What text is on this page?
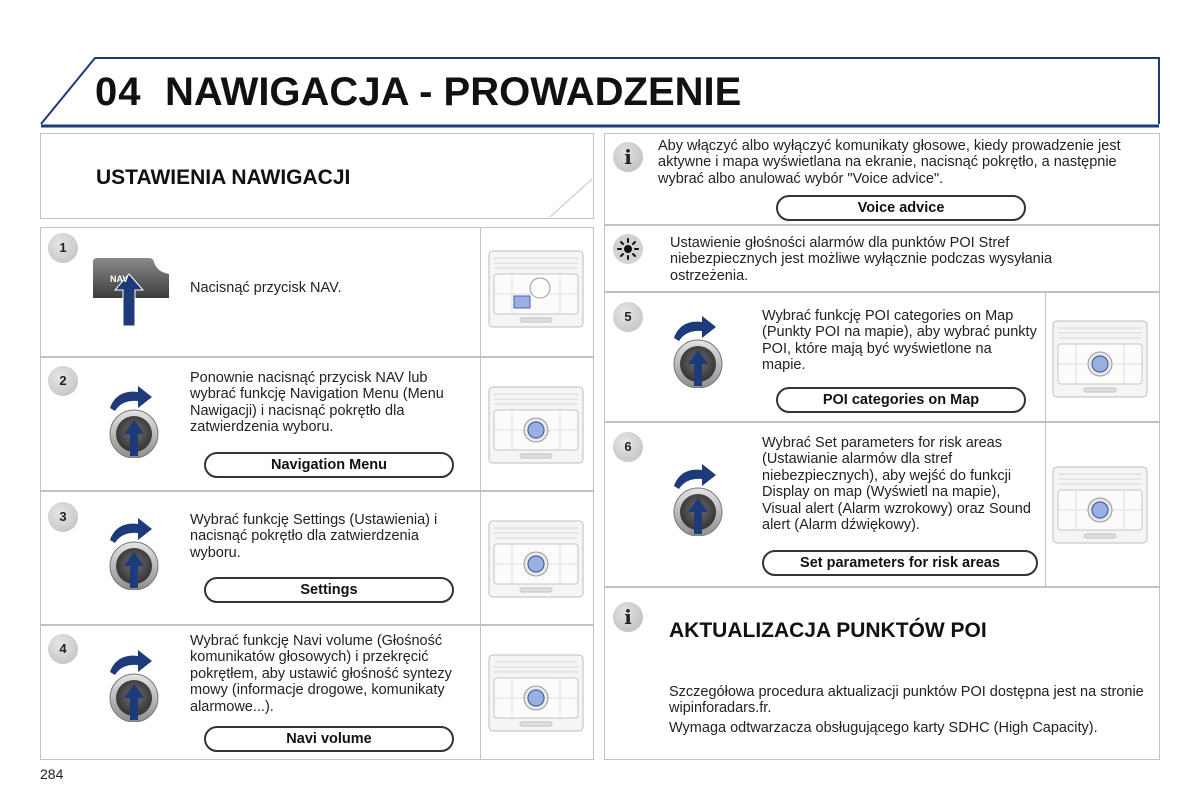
04 NAWIGACJA - PROWADZENIE
USTAWIENIA NAWIGACJI
1
NAV
Nacisnąć przycisk NAV.
2	Ponownie nacisnąć przycisk NAV lub wybrać funkcję Navigation Menu (Menu Nawigacji) i nacisnąć pokrętło dla zatwierdzenia wyboru.
Navigation Menu
3	Wybrać funkcję Settings (Ustawienia) i nacisnąć pokrętło dla zatwierdzenia wyboru.
Settings
4	Wybrać funkcję Navi volume (Głośność komunikatów głosowych) i przekręcić pokrętłem, aby ustawić głośność syntezy mowy (informacje drogowe, komunikaty alarmowe...).
Navi volume
i	Aby włączyć albo wyłączyć komunikaty głosowe, kiedy prowadzenie jest aktywne i mapa wyświetlana na ekranie, nacisnąć pokrętło, a następnie wybrać albo anulować wybór "Voice advice".
Voice advice
Ustawienie głośności alarmów dla punktów POI Stref niebezpiecznych jest możliwe wyłącznie podczas wysyłania ostrzeżenia.
5	Wybrać funkcję POI categories on Map (Punkty POI na mapie), aby wybrać punkty POI, które mają być wyświetlone na mapie.
POI categories on Map
6	Wybrać Set parameters for risk areas (Ustawianie alarmów dla stref niebezpiecznych), aby wejść do funkcji Display on map (Wyświetl na mapie), Visual alert (Alarm wzrokowy) oraz Sound alert (Alarm dźwiękowy).
Set parameters for risk areas
i
AKTUALIZACJA PUNKTÓW POI
Szczegółowa procedura aktualizacji punktów POI dostępna jest na stronie wipinforadars.fr.
Wymaga odtwarzacza obsługującego karty SDHC (High Capacity).
284
